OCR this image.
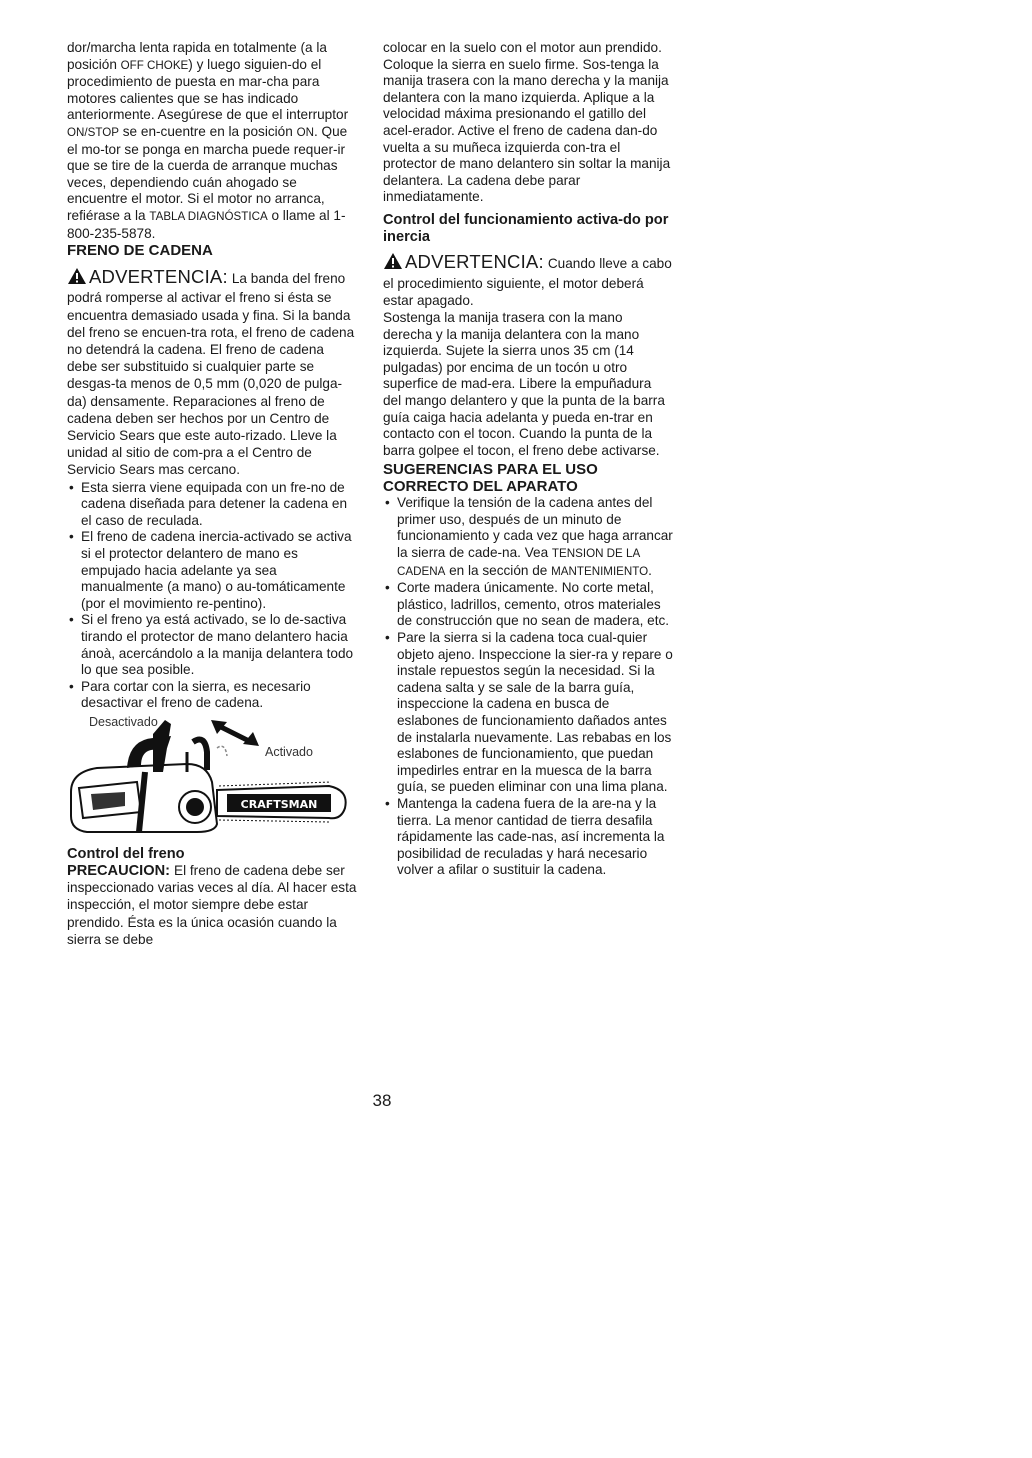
dor/marcha lenta rapida en totalmente (a la posición OFF CHOKE) y luego siguien-do el procedimiento de puesta en mar-cha para motores calientes que se has indicado anteriormente. Asegúrese de que el interruptor ON/STOP se en-cuentre en la posición ON. Que el mo-tor se ponga en marcha puede requer-ir que se tire de la cuerda de arranque muchas veces, dependiendo cuán ahogado se encuentre el motor. Si el motor no arranca, refiérase a la TABLA DIAGNÓSTICA o llame al 1-800-235-5878.

FRENO DE CADENA

ADVERTENCIA: La banda del freno podrá romperse al activar el freno si ésta se encuentra demasiado usada y fina. Si la banda del freno se encuen-tra rota, el freno de cadena no detendrá la cadena. El freno de cadena debe ser substituido si cualquier parte se desgas-ta menos de 0,5 mm (0,020 de pulga-da) densamente. Reparaciones al freno de cadena deben ser hechos por un Centro de Servicio Sears que este auto-rizado. Lleve la unidad al sitio de com-pra a el Centro de Servicio Sears mas cercano.

• Esta sierra viene equipada con un fre-no de cadena diseñada para detener la cadena en el caso de reculada.
• El freno de cadena inercia-activado se activa si el protector delantero de mano es empujado hacia adelante ya sea manualmente (a mano) o au-tomáticamente (por el movimiento re-pentino).
• Si el freno ya está activado, se lo de-sactiva tirando el protector de mano delantero hacia ánoà, acercándolo a la manija delantera todo lo que sea posible.
• Para cortar con la sierra, es necesario desactivar el freno de cadena.
Desactivado
Activado
CRAFTSMAN

Control del freno

PRECAUCION: El freno de cadena debe ser inspeccionado varias veces al día. Al hacer esta inspección, el motor siempre debe estar prendido. Ésta es la única ocasión cuando la sierra se debe

colocar en la suelo con el motor aun prendido.

Coloque la sierra en suelo firme. Sos-tenga la manija trasera con la mano derecha y la manija delantera con la mano izquierda. Aplique a la velocidad máxima presionando el gatillo del acel-erador. Active el freno de cadena dan-do vuelta a su muñeca izquierda con-tra el protector de mano delantero sin soltar la manija delantera. La cadena debe parar inmediatamente.

Control del funcionamiento activa-do por inercia

ADVERTENCIA: Cuando lleve a cabo el procedimiento siguiente, el motor deberá estar apagado.

Sostenga la manija trasera con la mano derecha y la manija delantera con la mano izquierda. Sujete la sierra unos 35 cm (14 pulgadas) por encima de un tocón u otro superfice de mad-era. Libere la empuñadura del mango delantero y que la punta de la barra guía caiga hacia adelanta y pueda en-trar en contacto con el tocon. Cuando la punta de la barra golpee el tocon, el freno debe activarse.

SUGERENCIAS PARA EL USO CORRECTO DEL APARATO

• Verifique la tensión de la cadena antes del primer uso, después de un minuto de funcionamiento y cada vez que haga arrancar la sierra de cade-na. Vea TENSION DE LA CADENA en la sección de MANTENIMIENTO.
• Corte madera únicamente. No corte metal, plástico, ladrillos, cemento, otros materiales de construcción que no sean de madera, etc.
• Pare la sierra si la cadena toca cual-quier objeto ajeno. Inspeccione la sier-ra y repare o instale repuestos según la necesidad. Si la cadena salta y se sale de la barra guía, inspeccione la cadena en busca de eslabones de funcionamiento dañados antes de instalarla nuevamente. Las rebabas en los eslabones de funcionamiento, que puedan impedirles entrar en la muesca de la barra guía, se pueden eliminar con una lima plana.
• Mantenga la cadena fuera de la are-na y la tierra. La menor cantidad de tierra desafila rápidamente las cade-nas, así incrementa la posibilidad de reculadas y hará necesario volver a afilar o sustituir la cadena.
38
